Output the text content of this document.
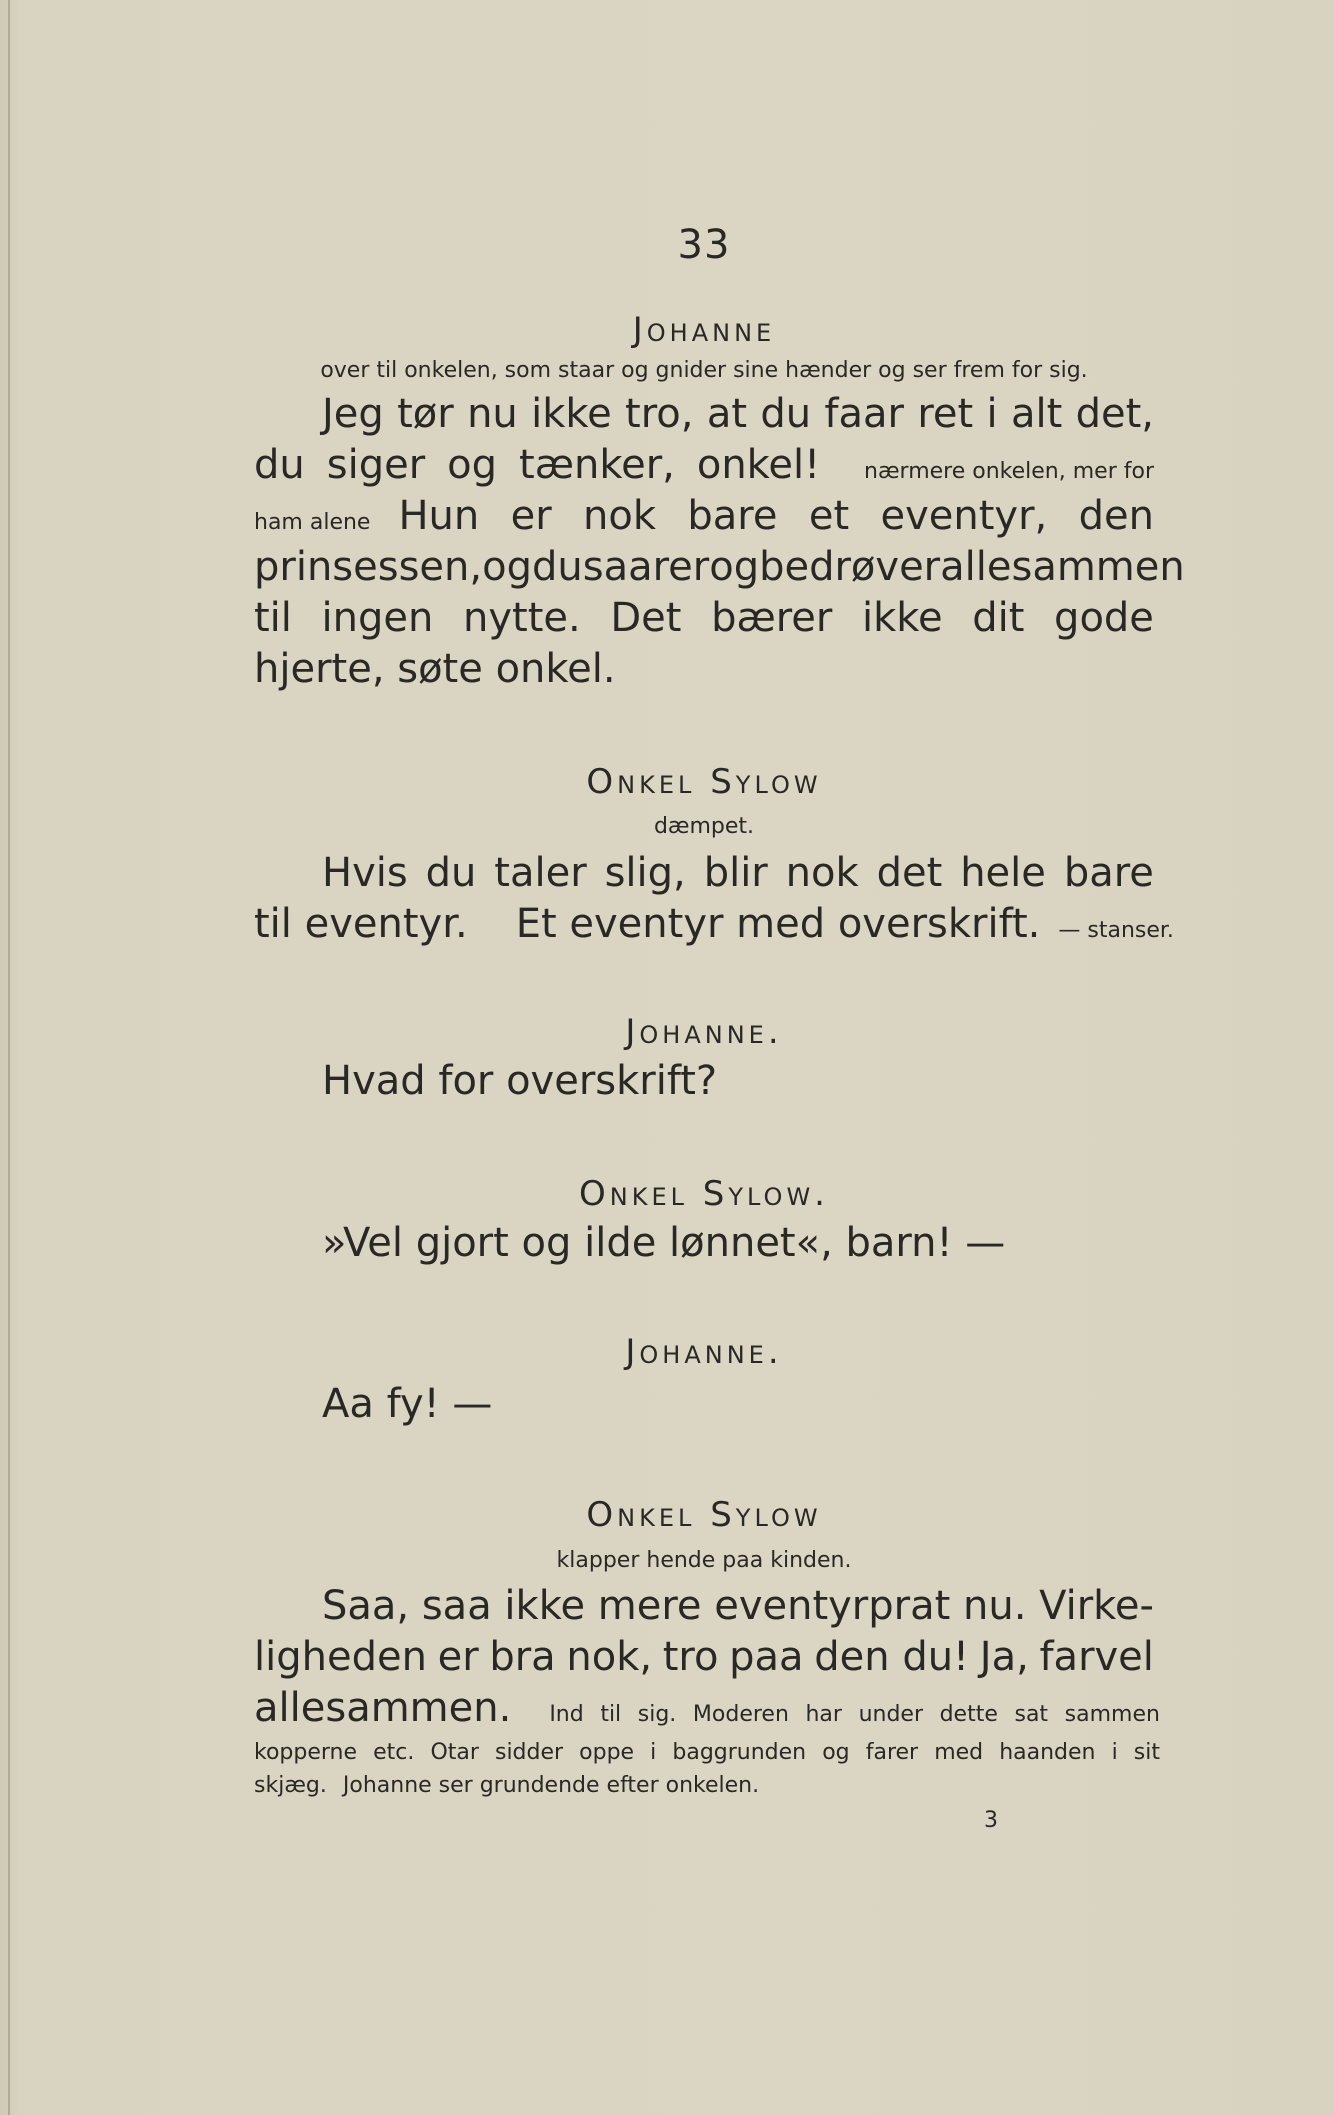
33
Johanne
over til onkelen, som staar og gnider sine hænder og ser frem for sig.
Jeg tør nu ikke tro, at du faar ret i alt det,
du siger og tænker, onkel! nærmere onkelen, mer for
ham alene Hun er nok bare et eventyr, den
prinsessen, og du saarer og bedrøver allesammen
til ingen nytte. Det bærer ikke dit gode
hjerte, søte onkel.
Onkel Sylow
dæmpet.
Hvis du taler slig, blir nok det hele bare
til eventyr. Et eventyr med overskrift. — stanser.
Johanne.
Hvad for overskrift?
Onkel Sylow.
»Vel gjort og ilde lønnet«, barn! —
Johanne.
Aa fy! —
Onkel Sylow
klapper hende paa kinden.
Saa, saa ikke mere eventyrprat nu. Virke-
ligheden er bra nok, tro paa den du! Ja, farvel
allesammen. Ind til sig. Moderen har under dette sat sammen
kopperne etc. Otar sidder oppe i baggrunden og farer med haanden i sit
skjæg. Johanne ser grundende efter onkelen.
3
